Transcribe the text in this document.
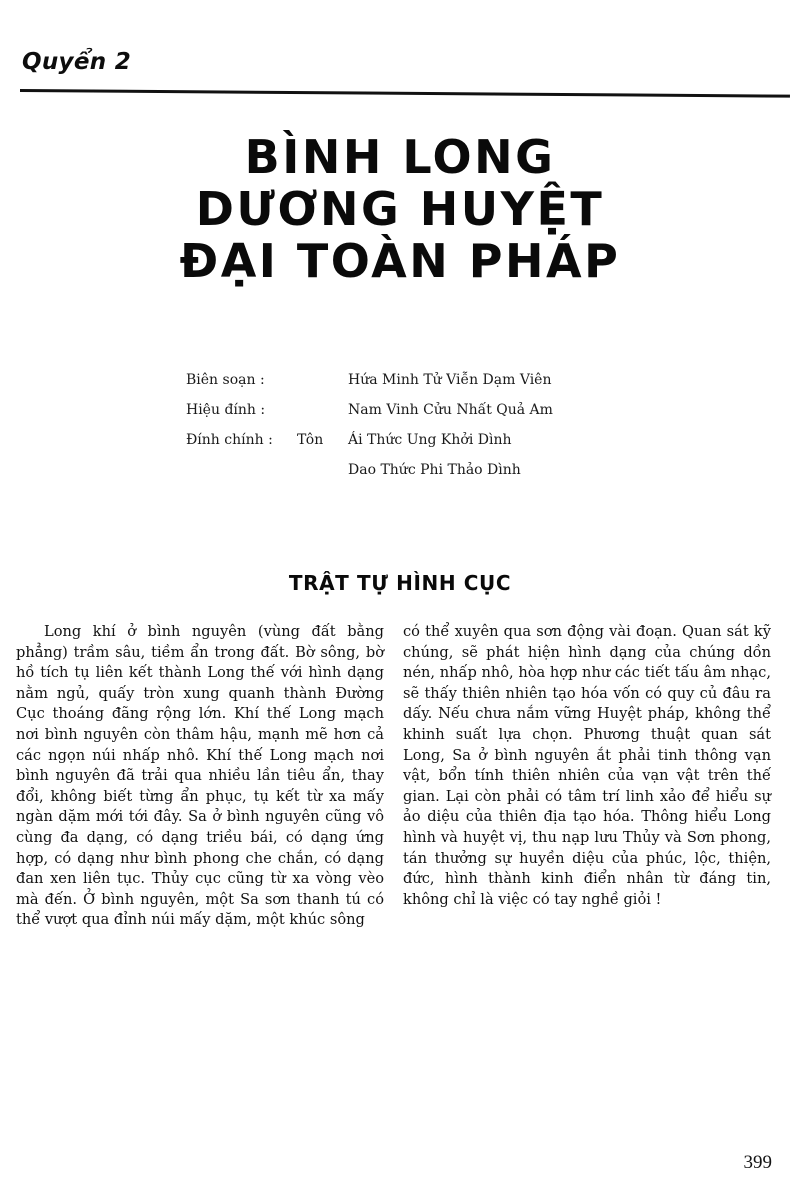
Quyển 2
BÌNH LONG
DƯƠNG HUYỆT
ĐẠI TOÀN PHÁP
Biên soạn :	Hứa Minh Tử Viễn Dạm Viên
Hiệu đính :	Nam Vinh Cửu Nhất Quả Am
Đính chính :	Tôn	Ái Thức Ung Khởi Dình
Dao Thức Phi Thảo Dình
TRẬT TỰ HÌNH CỤC

Long khí ở bình nguyên (vùng đất bằng phẳng) trầm sâu, tiềm ẩn trong đất. Bờ sông, bờ hồ tích tụ liên kết thành Long thế với hình dạng nằm ngủ, quấy tròn xung quanh thành Đường Cục thoáng đãng rộng lớn. Khí thế Long mạch nơi bình nguyên còn thâm hậu, mạnh mẽ hơn cả các ngọn núi nhấp nhô. Khí thế Long mạch nơi bình nguyên đã trải qua nhiều lần tiêu ẩn, thay đổi, không biết từng ẩn phục, tụ kết từ xa mấy ngàn dặm mới tới đây. Sa ở bình nguyên cũng vô cùng đa dạng, có dạng triều bái, có dạng ứng hợp, có dạng như bình phong che chắn, có dạng đan xen liên tục. Thủy cục cũng từ xa vòng vèo mà đến. Ở bình nguyên, một Sa sơn thanh tú có thể vượt qua đỉnh núi mấy dặm, một khúc sông

có thể xuyên qua sơn động vài đoạn. Quan sát kỹ chúng, sẽ phát hiện hình dạng của chúng dồn nén, nhấp nhô, hòa hợp như các tiết tấu âm nhạc, sẽ thấy thiên nhiên tạo hóa vốn có quy củ đâu ra dấy. Nếu chưa nắm vững Huyệt pháp, không thể khinh suất lựa chọn. Phương thuật quan sát Long, Sa ở bình nguyên ắt phải tinh thông vạn vật, bổn tính thiên nhiên của vạn vật trên thế gian. Lại còn phải có tâm trí linh xảo để hiểu sự ảo diệu của thiên địa tạo hóa. Thông hiểu Long hình và huyệt vị, thu nạp lưu Thủy và Sơn phong, tán thưởng sự huyền diệu của phúc, lộc, thiện, đức, hình thành kinh điển nhân từ đáng tin, không chỉ là việc có tay nghề giỏi !

399
